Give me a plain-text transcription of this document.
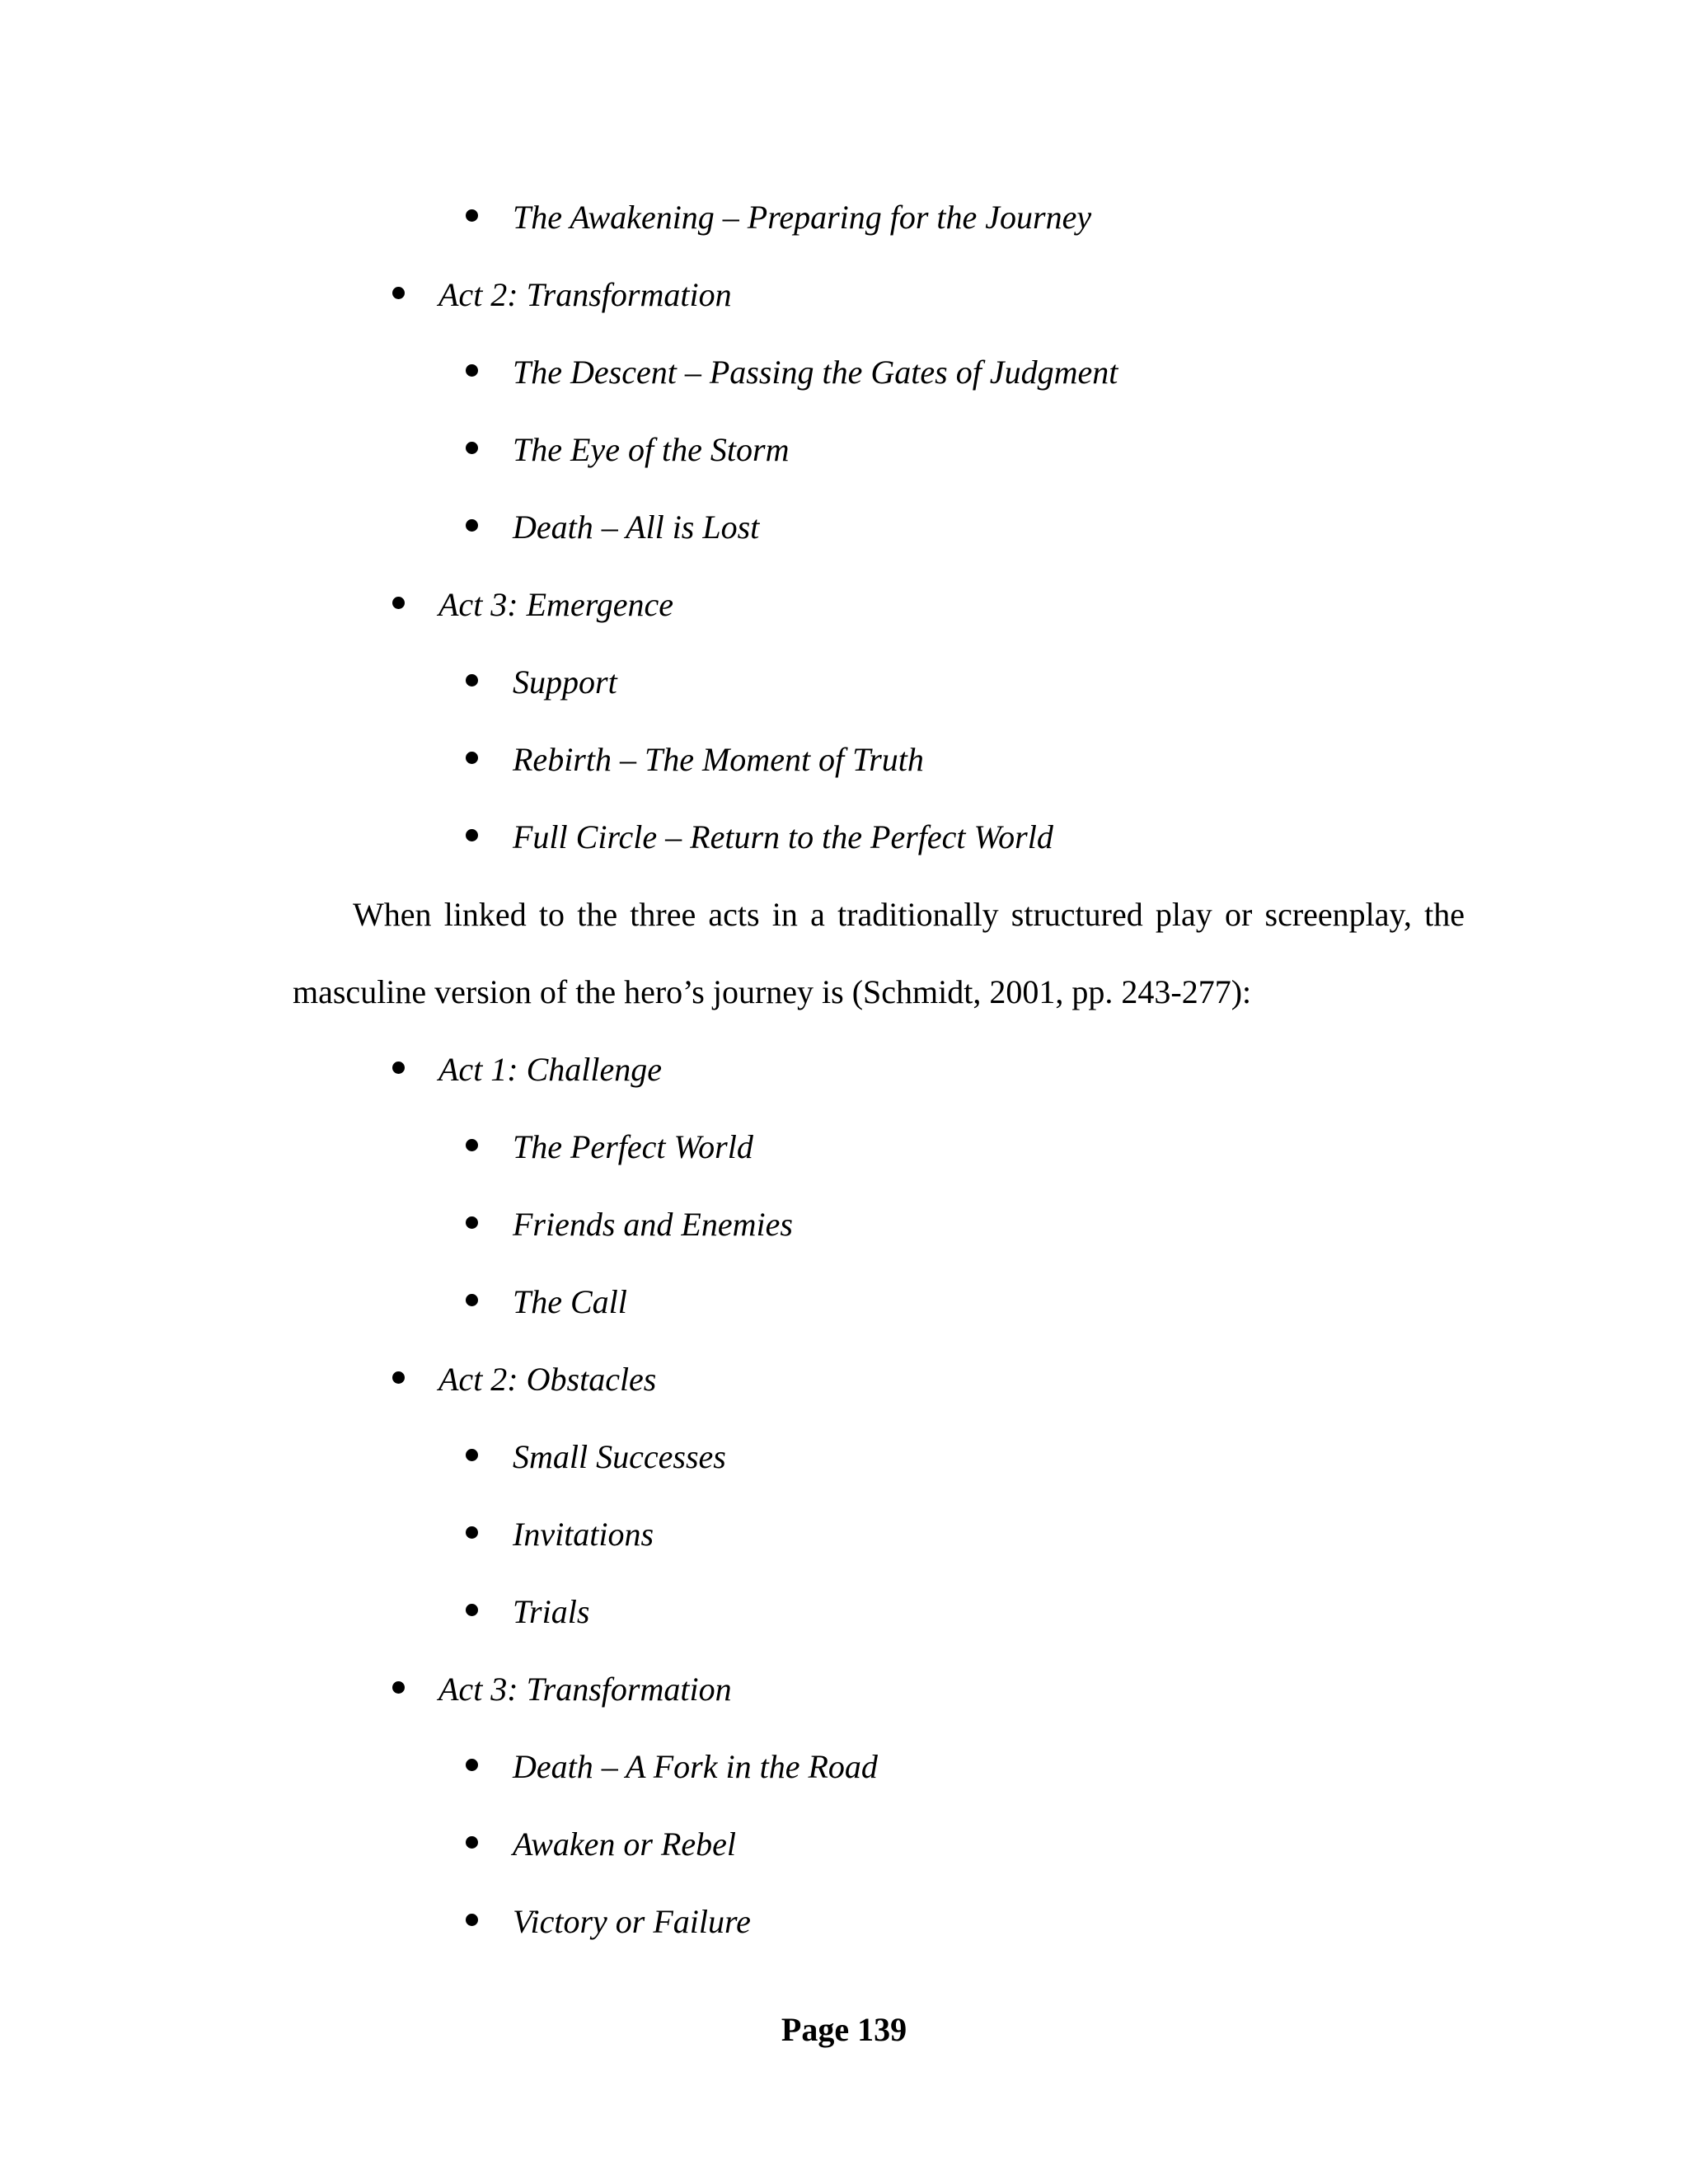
The Awakening – Preparing for the Journey
Act 2: Transformation
The Descent – Passing the Gates of Judgment
The Eye of the Storm
Death – All is Lost
Act 3: Emergence
Support
Rebirth – The Moment of Truth
Full Circle – Return to the Perfect World
When linked to the three acts in a traditionally structured play or screenplay, the
masculine version of the hero’s journey is (Schmidt, 2001, pp. 243-277):
Act 1: Challenge
The Perfect World
Friends and Enemies
The Call
Act 2: Obstacles
Small Successes
Invitations
Trials
Act 3: Transformation
Death – A Fork in the Road
Awaken or Rebel
Victory or Failure
Page 139
